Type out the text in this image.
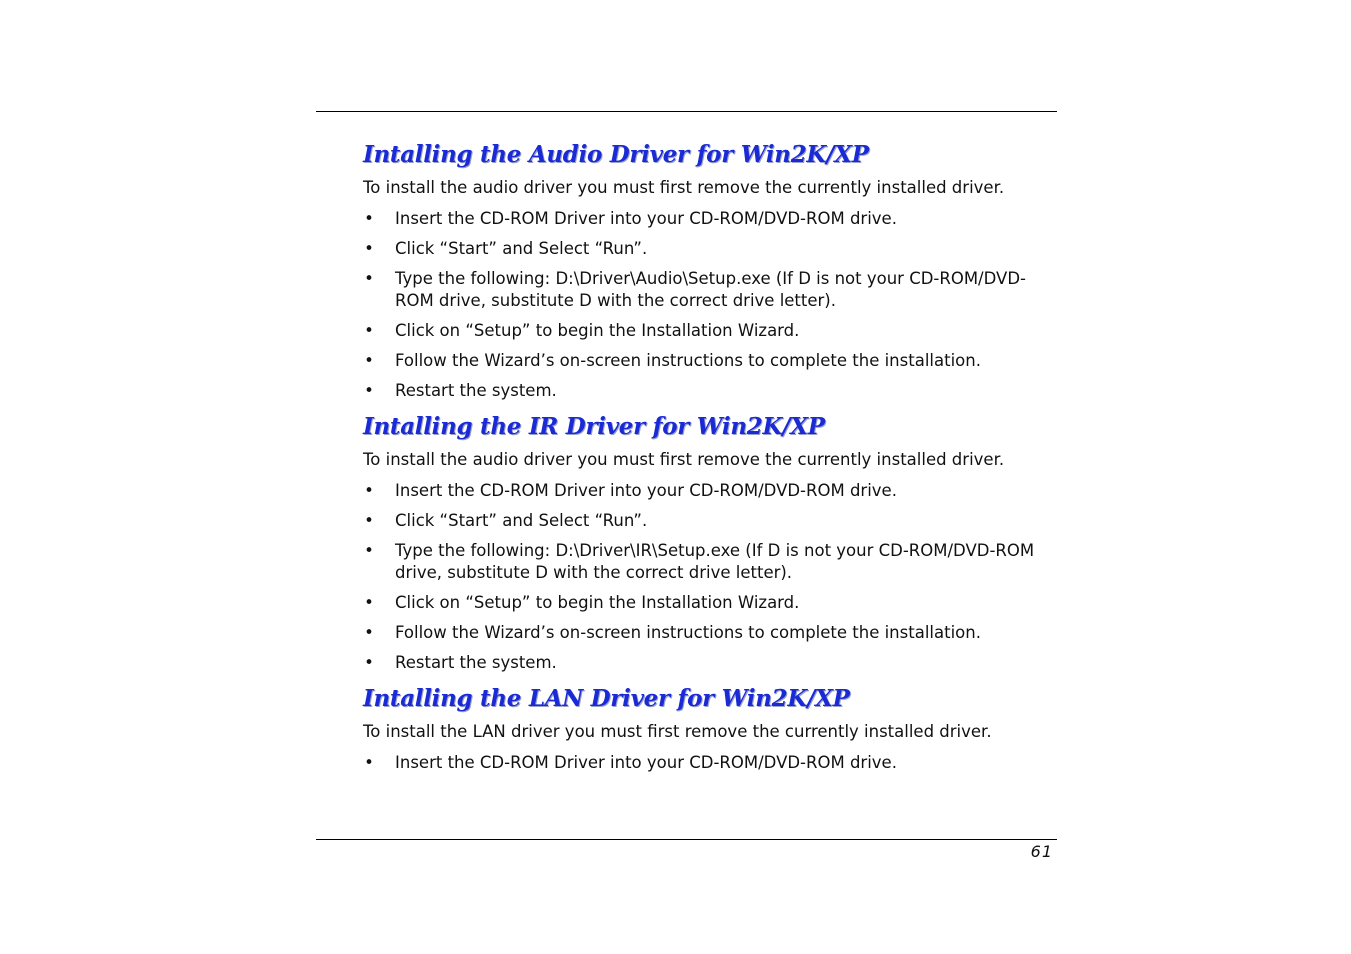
Intalling the Audio Driver for Win2K/XP

To install the audio driver you must first remove the currently installed driver.

• Insert the CD-ROM Driver into your CD-ROM/DVD-ROM drive.
• Click “Start” and Select “Run”.
• Type the following: D:\Driver\Audio\Setup.exe (If D is not your CD-ROM/DVD-ROM drive, substitute D with the correct drive letter).
• Click on “Setup” to begin the Installation Wizard.
• Follow the Wizard’s on-screen instructions to complete the installation.
• Restart the system.
Intalling the IR Driver for Win2K/XP

To install the audio driver you must first remove the currently installed driver.

• Insert the CD-ROM Driver into your CD-ROM/DVD-ROM drive.
• Click “Start” and Select “Run”.
• Type the following: D:\Driver\IR\Setup.exe (If D is not your CD-ROM/DVD-ROM drive, substitute D with the correct drive letter).
• Click on “Setup” to begin the Installation Wizard.
• Follow the Wizard’s on-screen instructions to complete the installation.
• Restart the system.
Intalling the LAN Driver for Win2K/XP

To install the LAN driver you must first remove the currently installed driver.

• Insert the CD-ROM Driver into your CD-ROM/DVD-ROM drive.
61
